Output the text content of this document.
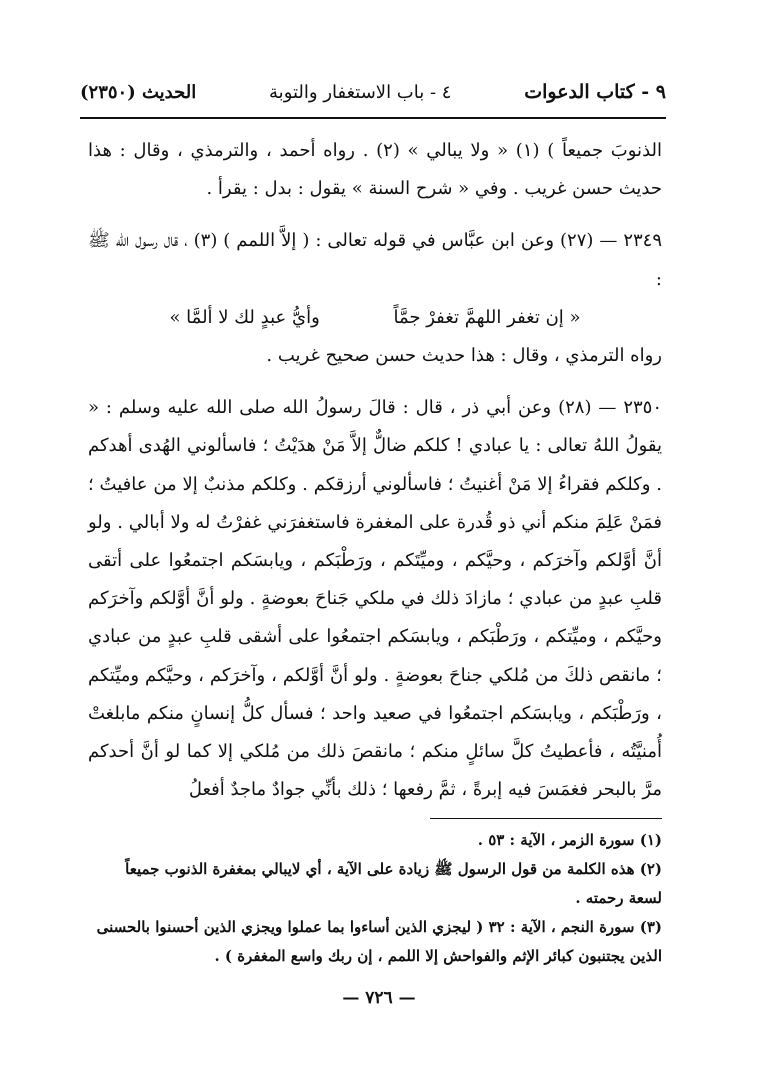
٩ - كتاب الدعوات
٤ - باب الاستغفار والتوبة
الحديث (٢٣٥٠)

الذنوبَ جميعاً ) (١) « ولا يبالي » (٢) . رواه أحمد ، والترمذي ، وقال : هذا حديث حسن غريب . وفي « شرح السنة » يقول : بدل : يقرأ .

٢٣٤٩ — (٢٧) وعن ابن عبَّاس في قوله تعالى : ( إلاَّ اللمم ) (٣) ، قال رسول الله ﷺ :

« إن تغفر اللهمَّ تغفرْ جمَّاً وأيُّ عبدٍ لك لا ألمَّا »

رواه الترمذي ، وقال : هذا حديث حسن صحيح غريب .

٢٣٥٠ — (٢٨) وعن أبي ذر ، قال : قالَ رسولُ الله صلى الله عليه وسلم : « يقولُ اللهُ تعالى : يا عبادي ! كلكم ضالٌّ إلاَّ مَنْ هدَيْتُ ؛ فاسألوني الهُدى أهدكم . وكلكم فقراءُ إلا مَنْ أغنيتُ ؛ فاسألوني أرزقكم . وكلكم مذنبٌ إلا من عافيتُ ؛ فمَنْ عَلِمَ منكم أني ذو قُدرة على المغفرة فاستغفرَني غفرْتُ له ولا أبالي . ولو أنَّ أوَّلكم وآخرَكم ، وحيَّكم ، وميِّتَكم ، ورَطْبَكم ، ويابسَكم اجتمعُوا على أتقى قلبِ عبدٍ من عبادي ؛ مازادَ ذلك في ملكي جَناحَ بعوضةٍ . ولو أنَّ أوَّلكم وآخرَكم وحيَّكم ، وميِّتكم ، ورَطْبَكم ، ويابسَكم اجتمعُوا على أشقى قلبِ عبدٍ من عبادي ؛ مانقص ذلكَ من مُلكي جناحَ بعوضةٍ . ولو أنَّ أوَّلكم ، وآخرَكم ، وحيَّكم وميِّتكم ، ورَطْبَكم ، ويابسَكم اجتمعُوا في صعيد واحد ؛ فسأل كلُّ إنسانٍ منكم مابلغتْ أُمنيَّتُه ، فأعطيتُ كلَّ سائلٍ منكم ؛ مانقصَ ذلك من مُلكي إلا كما لو أنَّ أحدكم مرَّ بالبحر فغمَسَ فيه إبرةً ، ثمَّ رفعها ؛ ذلك بأنِّي جوادٌ ماجدٌ أفعلُ

(١) سورة الزمر ، الآية : ٥٣ .

(٢) هذه الكلمة من قول الرسول ﷺ زيادة على الآية ، أي لايبالي بمغفرة الذنوب جميعاً لسعة رحمته .

(٣) سورة النجم ، الآية : ٣٢ ( ليجزي الذين أساءوا بما عملوا ويجزي الذين أحسنوا بالحسنى الذين يجتنبون كبائر الإثم والفواحش إلا اللمم ، إن ربك واسع المغفرة ) .

— ٧٢٦ —
